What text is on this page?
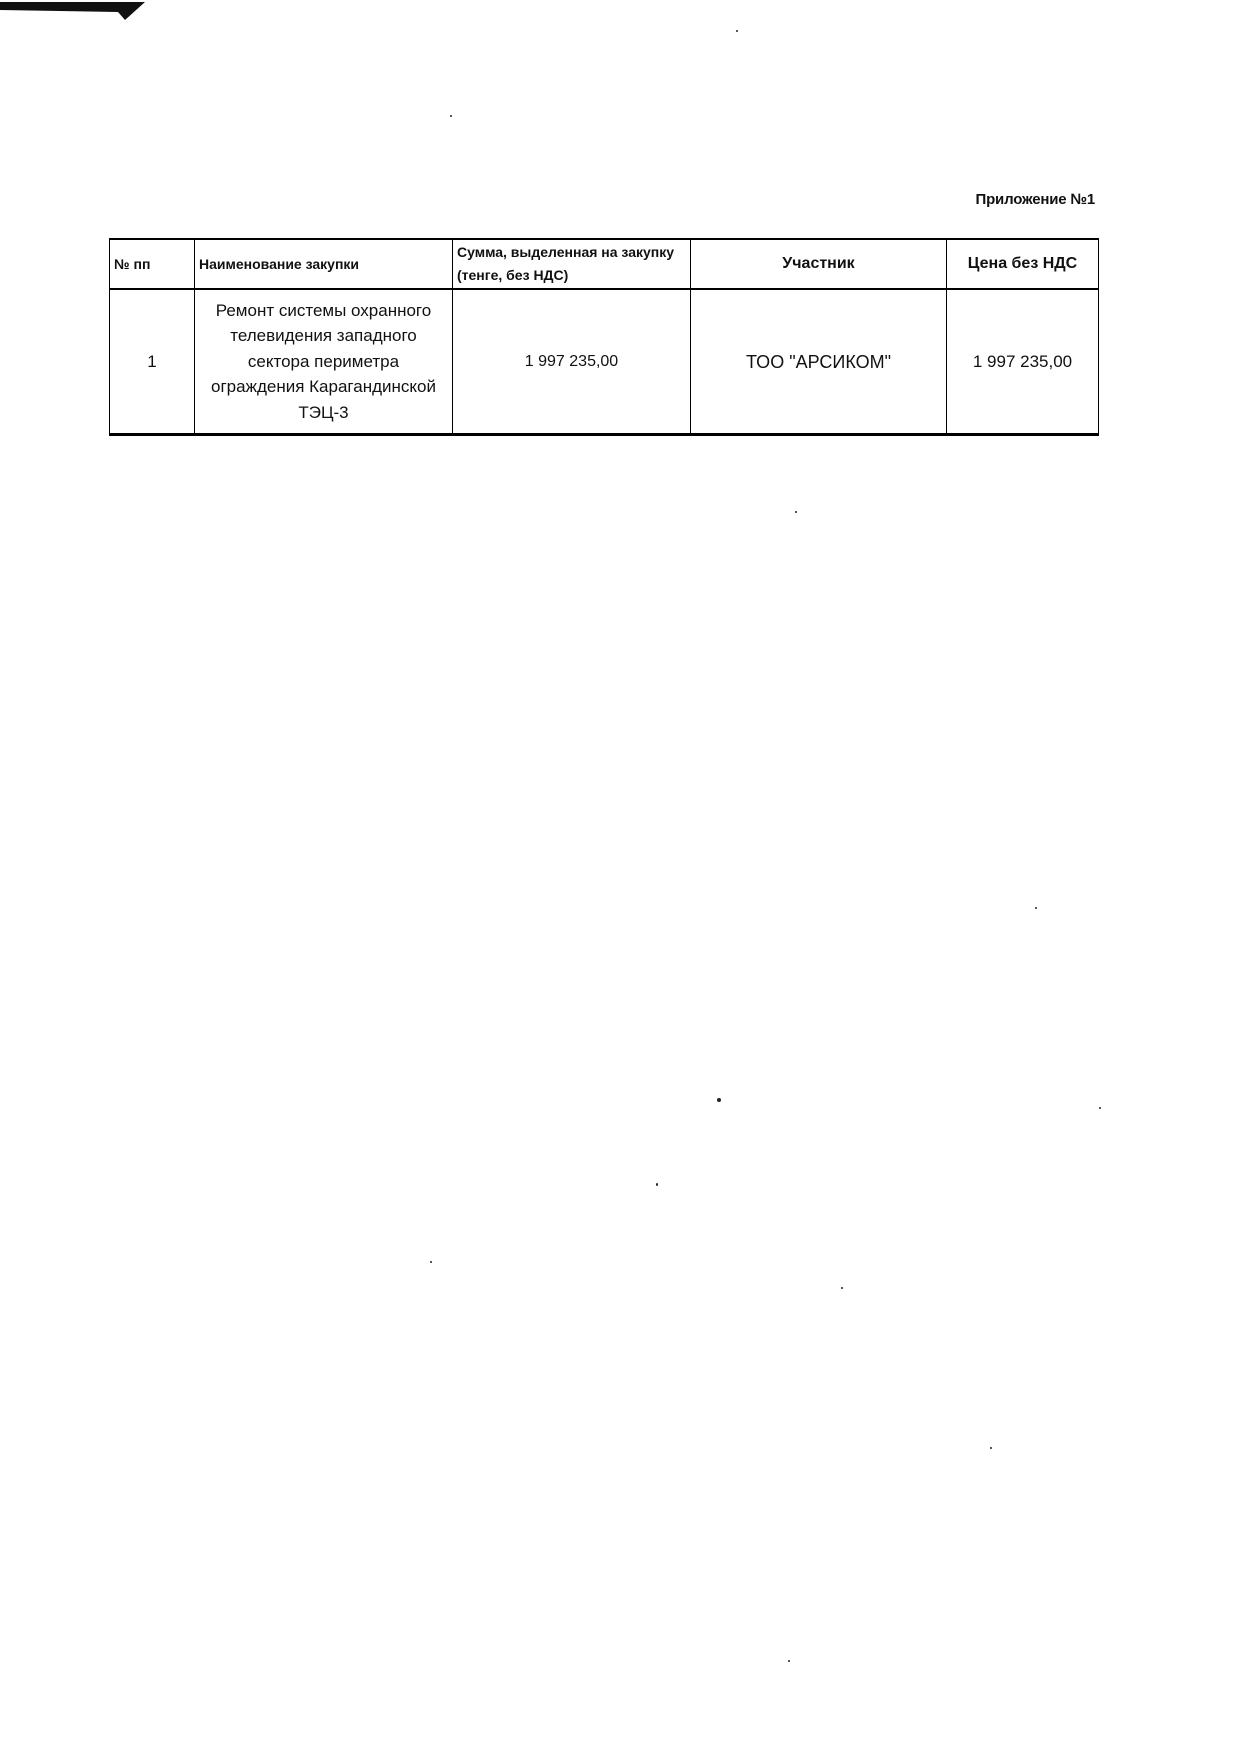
Приложение №1
№ пп	Наименование закупки	Сумма, выделенная на закупку (тенге, без НДС)	Участник	Цена без НДС
1	Ремонт системы охранного телевидения западного сектора периметра ограждения Карагандинской ТЭЦ-3	1 997 235,00	ТОО "АРСИКОМ"	1 997 235,00
